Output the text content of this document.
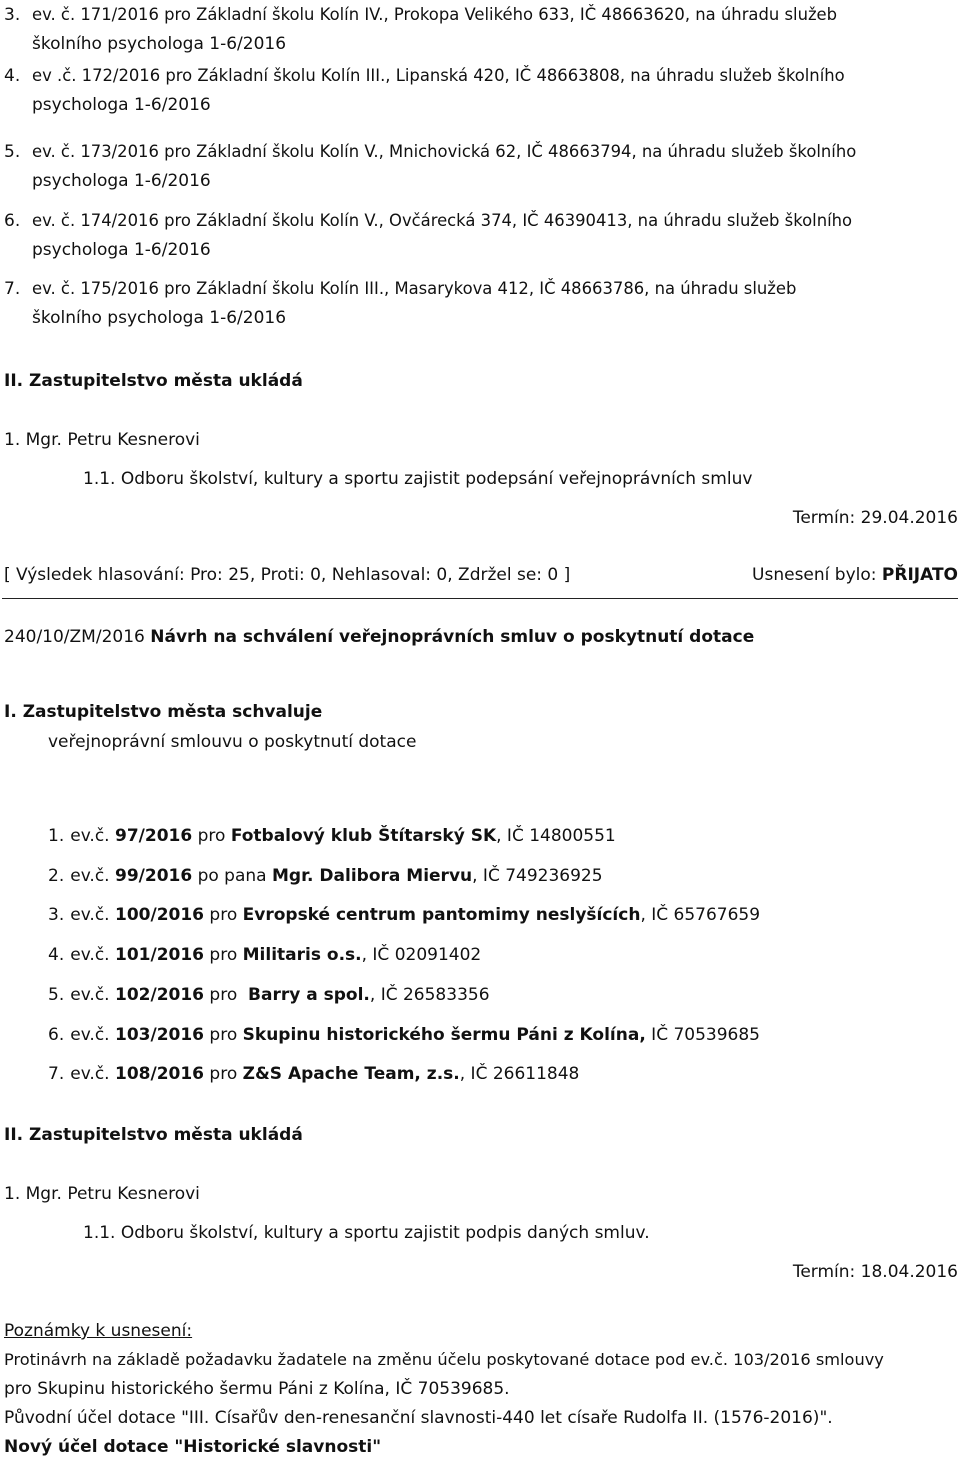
3. ev. č. 171/2016 pro Základní školu Kolín IV., Prokopa Velikého 633, IČ 48663620, na úhradu služeb
školního psychologa 1-6/2016
4. ev .č. 172/2016 pro Základní školu Kolín III., Lipanská 420, IČ 48663808, na úhradu služeb školního
psychologa 1-6/2016
5. ev. č. 173/2016 pro Základní školu Kolín V., Mnichovická 62, IČ 48663794, na úhradu služeb školního
psychologa 1-6/2016
6. ev. č. 174/2016 pro Základní školu Kolín V., Ovčárecká 374, IČ 46390413, na úhradu služeb školního
psychologa 1-6/2016
7. ev. č. 175/2016 pro Základní školu Kolín III., Masarykova 412, IČ 48663786, na úhradu služeb
školního psychologa 1-6/2016
II. Zastupitelstvo města ukládá
1. Mgr. Petru Kesnerovi
1.1. Odboru školství, kultury a sportu zajistit podepsání veřejnoprávních smluv
Termín: 29.04.2016
[ Výsledek hlasování: Pro: 25, Proti: 0, Nehlasoval: 0, Zdržel se: 0 ]	Usnesení bylo: PŘIJATO
240/10/ZM/2016 Návrh na schválení veřejnoprávních smluv o poskytnutí dotace
I. Zastupitelstvo města schvaluje
veřejnoprávní smlouvu o poskytnutí dotace
1. ev.č. 97/2016 pro Fotbalový klub Štítarský SK, IČ 14800551
2. ev.č. 99/2016 po pana Mgr. Dalibora Miervu, IČ 749236925
3. ev.č. 100/2016 pro Evropské centrum pantomimy neslyšících, IČ 65767659
4. ev.č. 101/2016 pro Militaris o.s., IČ 02091402
5. ev.č. 102/2016 pro  Barry a spol., IČ 26583356
6. ev.č. 103/2016 pro Skupinu historického šermu Páni z Kolína, IČ 70539685
7. ev.č. 108/2016 pro Z&S Apache Team, z.s., IČ 26611848
II. Zastupitelstvo města ukládá
1. Mgr. Petru Kesnerovi
1.1. Odboru školství, kultury a sportu zajistit podpis daných smluv.
Termín: 18.04.2016
Poznámky k usnesení:
Protinávrh na základě požadavku žadatele na změnu účelu poskytované dotace pod ev.č. 103/2016 smlouvy
pro Skupinu historického šermu Páni z Kolína, IČ 70539685.
Původní účel dotace "III. Císařův den-renesanční slavnosti-440 let císaře Rudolfa II. (1576-2016)".
Nový účel dotace "Historické slavnosti"
